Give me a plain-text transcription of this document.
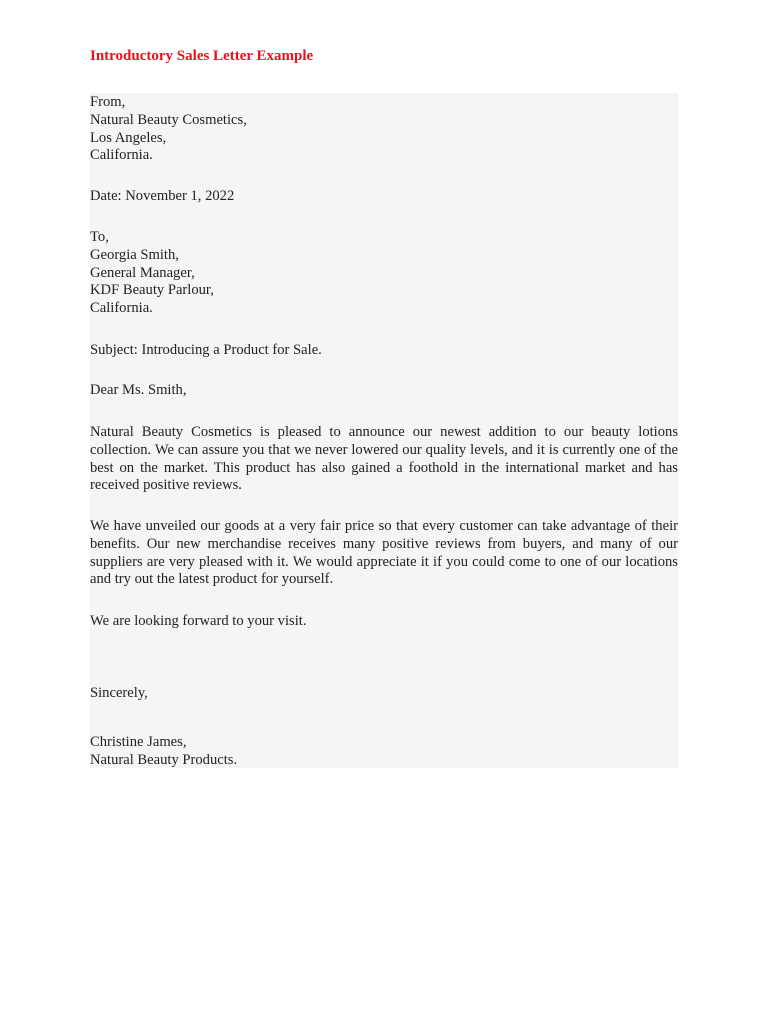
Introductory Sales Letter Example
From,
Natural Beauty Cosmetics,
Los Angeles,
California.
Date: November 1, 2022
To,
Georgia Smith,
General Manager,
KDF Beauty Parlour,
California.
Subject: Introducing a Product for Sale.
Dear Ms. Smith,
Natural Beauty Cosmetics is pleased to announce our newest addition to our beauty lotions collection. We can assure you that we never lowered our quality levels, and it is currently one of the best on the market. This product has also gained a foothold in the international market and has received positive reviews.
We have unveiled our goods at a very fair price so that every customer can take advantage of their benefits. Our new merchandise receives many positive reviews from buyers, and many of our suppliers are very pleased with it. We would appreciate it if you could come to one of our locations and try out the latest product for yourself.
We are looking forward to your visit.
Sincerely,
Christine James,
Natural Beauty Products.
